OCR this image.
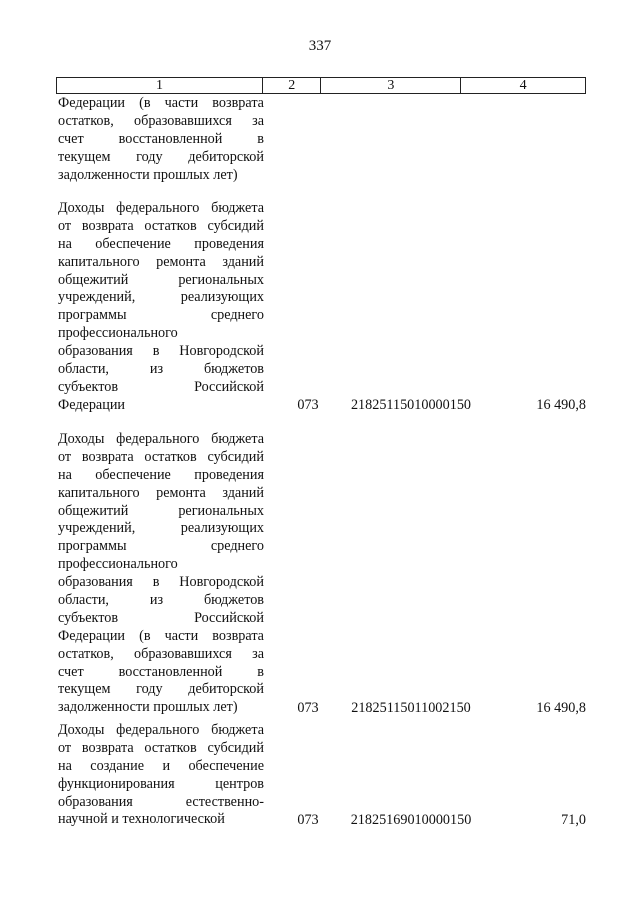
337
1	2	3	4
Федерации (в части возврата
остатков, образовавшихся за
счет восстановленной в
текущем году дебиторской
задолженности прошлых лет)
Доходы федерального бюджета
от возврата остатков субсидий
на обеспечение проведения
капитального ремонта зданий
общежитий региональных
учреждений, реализующих
программы среднего
профессионального
образования в Новгородской
области, из бюджетов
субъектов Российской
Федерации	073	21825115010000150	16 490,8
Доходы федерального бюджета
от возврата остатков субсидий
на обеспечение проведения
капитального ремонта зданий
общежитий региональных
учреждений, реализующих
программы среднего
профессионального
образования в Новгородской
области, из бюджетов
субъектов Российской
Федерации (в части возврата
остатков, образовавшихся за
счет восстановленной в
текущем году дебиторской
задолженности прошлых лет)	073	21825115011002150	16 490,8
Доходы федерального бюджета
от возврата остатков субсидий
на создание и обеспечение
функционирования центров
образования естественно-
научной и технологической	073	21825169010000150	71,0
